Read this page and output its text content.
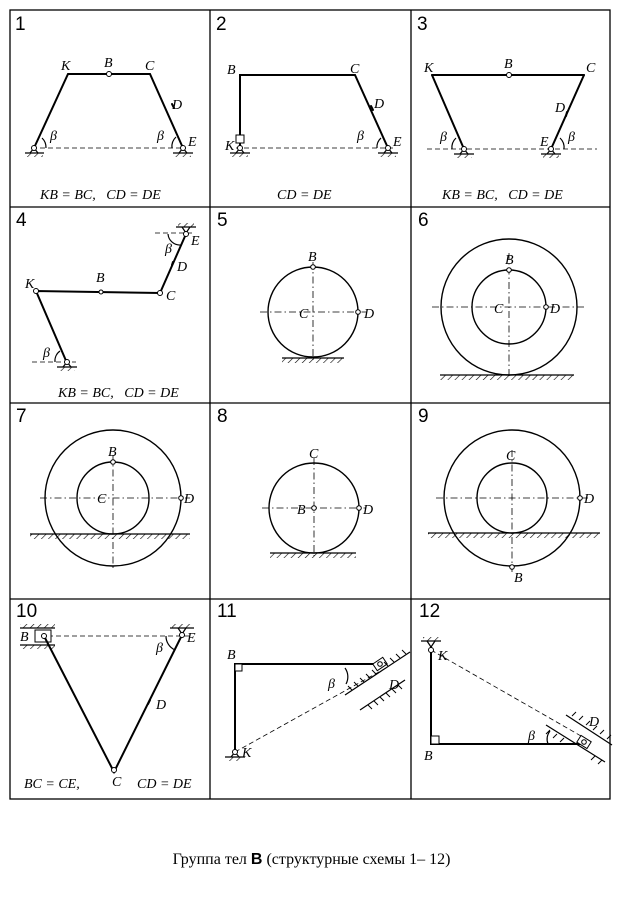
1
K B C
D
E
β	β
KB = BC,   CD = DE
2
B	C
D
K	E
β
CD = DE
3
K	B	C
D
E
β	β
KB = BC,   CD = DE
4
E
β
D
K	B
C
β
KB = BC,   CD = DE
5
B
C	D
6
B
C	D
7
B
C	D
8
C
B	D
9
C
D
B
10
B	E
β
D
C
BC = CE,	CD = DE
11
B
β	D
K
12
K
D
β
B
Группа тел B (структурные схемы 1– 12)
